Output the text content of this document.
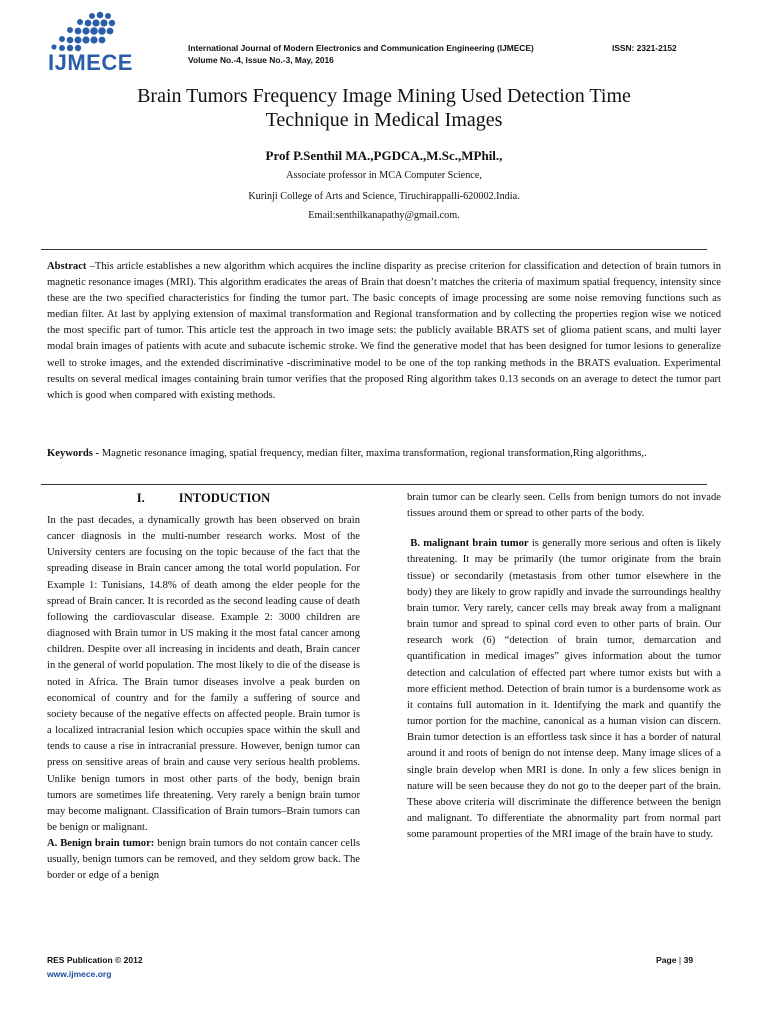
IJMECE
International Journal of Modern Electronics and Communication Engineering (IJMECE)	ISSN: 2321-2152
Volume No.-4, Issue No.-3, May, 2016
Brain Tumors Frequency Image Mining Used Detection Time
Technique in Medical Images
Prof P.Senthil MA.,PGDCA.,M.Sc.,MPhil.,
Associate professor in MCA Computer Science,
Kurinji College of Arts and Science, Tiruchirappalli-620002.India.
Email:senthilkanapathy@gmail.com.
Abstract –This article establishes a new algorithm which acquires the incline disparity as precise criterion for classification and detection of brain tumors in magnetic resonance images (MRI). This algorithm eradicates the areas of Brain that doesn’t matches the criteria of maximum spatial frequency, intensity since these are the two specified characteristics for finding the tumor part. The basic concepts of image processing are some noise removing functions such as median filter. At last by applying extension of maximal transformation and Regional transformation and by collecting the properties region wise we noticed the most specific part of tumor. This article test the approach in two image sets: the publicly available BRATS set of glioma patient scans, and multi layer modal brain images of patients with acute and subacute ischemic stroke. We find the generative model that has been designed for tumor lesions to generalize well to stroke images, and the extended discriminative -discriminative model to be one of the top ranking methods in the BRATS evaluation. Experimental results on several medical images containing brain tumor verifies that the proposed Ring algorithm takes 0.13 seconds on an average to detect the tumor part which is good when compared with existing methods.
Keywords - Magnetic resonance imaging, spatial frequency, median filter, maxima transformation, regional transformation,Ring algorithms,.
I.	INTODUCTION

In the past decades, a dynamically growth has been observed on brain cancer diagnosis in the multi-number research works. Most of the University centers are focusing on the topic because of the fact that the spreading disease in Brain cancer among the total world population. For Example 1: Tunisians, 14.8% of death among the elder people for the spread of Brain cancer. It is recorded as the second leading cause of death following the cardiovascular disease. Example 2: 3000 children are diagnosed with Brain tumor in US making it the most fatal cancer among children. Despite over all increasing in incidents and death, Brain cancer in the general of world population. The most likely to die of the disease is noted in Africa. The Brain tumor diseases involve a peak burden on economical of country and for the family a suffering of source and society because of the negative effects on affected people. Brain tumor is a localized intracranial lesion which occupies space within the skull and tends to cause a rise in intracranial pressure. However, benign tumor can press on sensitive areas of brain and cause very serious health problems. Unlike benign tumors in most other parts of the body, benign brain tumors are sometimes life threatening. Very rarely a benign brain tumor may become malignant. Classification of Brain tumors–Brain tumors can be benign or malignant.

A. Benign brain tumor: benign brain tumors do not contain cancer cells usually, benign tumors can be removed, and they seldom grow back. The border or edge of a benign

brain tumor can be clearly seen. Cells from benign tumors do not invade tissues around them or spread to other parts of the body.

B. malignant brain tumor is generally more serious and often is likely threatening. It may be primarily (the tumor originate from the brain tissue) or secondarily (metastasis from other tumor elsewhere in the body) they are likely to grow rapidly and invade the surroundings healthy brain tumor. Very rarely, cancer cells may break away from a malignant brain tumor and spread to spinal cord even to other parts of brain. Our research work (6) “detection of brain tumor, demarcation and quantification in medical images” gives information about the tumor detection and calculation of effected part where tumor exists but with a more efficient method. Detection of brain tumor is a burdensome work as it contains full automation in it. Identifying the mark and quantify the tumor portion for the machine, canonical as a human vision can discern. Brain tumor detection is an effortless task since it has a border of natural around it and roots of benign do not intense deep. Many image slices of a single brain develop when MRI is done. In only a few slices benign in nature will be seen because they do not go to the deeper part of the brain. These above criteria will discriminate the difference between the benign and malignant. To differentiate the abnormality part from normal part some paramount properties of the MRI image of the brain have to study.

RES Publication © 2012
www.ijmece.org
Page | 39
